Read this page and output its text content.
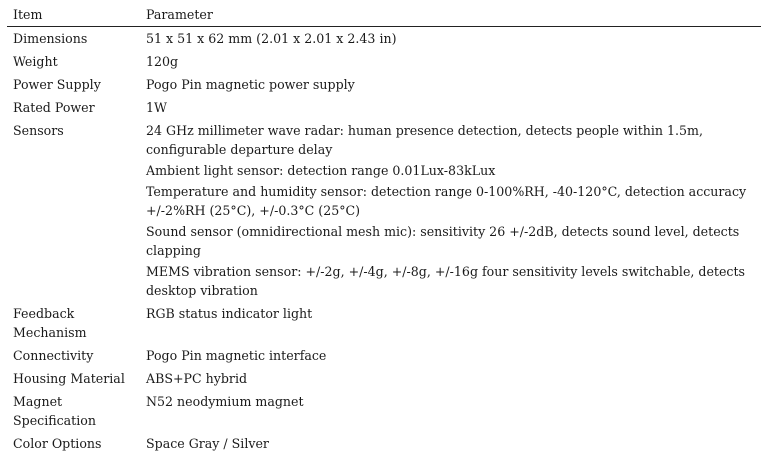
Item	Parameter
Dimensions	51 x 51 x 62 mm (2.01 x 2.01 x 2.43 in)

Weight	120g

Power Supply	Pogo Pin magnetic power supply

Rated Power	1W

Sensors	24 GHz millimeter wave radar: human presence detection, detects people within 1.5m, configurable departure delay
Ambient light sensor: detection range 0.01Lux-83kLux
Temperature and humidity sensor: detection range 0-100%RH, -40-120°C, detection accuracy +/-2%RH (25°C), +/-0.3°C (25°C)
Sound sensor (omnidirectional mesh mic): sensitivity 26 +/-2dB, detects sound level, detects clapping
MEMS vibration sensor: +/-2g, +/-4g, +/-8g, +/-16g four sensitivity levels switchable, detects desktop vibration

Feedback Mechanism	RGB status indicator light

Connectivity	Pogo Pin magnetic interface

Housing Material	ABS+PC hybrid

Magnet Specification	N52 neodymium magnet

Color Options	Space Gray / Silver
